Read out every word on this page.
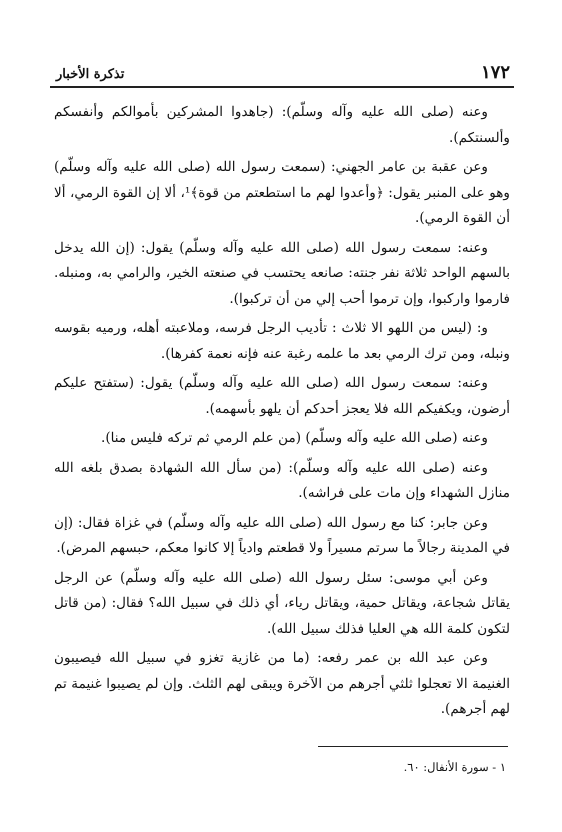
١٧٢
تذكرة الأخبار

وعنه (صلى الله عليه وآله وسلّم): (جاهدوا المشركين بأموالكم وأنفسكم وألسنتكم).

وعن عقبة بن عامر الجهني: (سمعت رسول الله (صلى الله عليه وآله وسلّم) وهو على المنبر يقول: ﴿وأعدوا لهم ما استطعتم من قوة﴾¹، ألا إن القوة الرمي، ألا أن القوة الرمي).

وعنه: سمعت رسول الله (صلى الله عليه وآله وسلّم) يقول: (إن الله يدخل بالسهم الواحد ثلاثة نفر جنته: صانعه يحتسب في صنعته الخير، والرامي به، ومنبله. فارموا واركبوا، وإن ترموا أحب إلي من أن تركبوا).

و: (ليس من اللهو الا ثلاث : تأديب الرجل فرسه، وملاعبته أهله، ورميه بقوسه ونبله، ومن ترك الرمي بعد ما علمه رغبة عنه فإنه نعمة كفرها).

وعنه: سمعت رسول الله (صلى الله عليه وآله وسلّم) يقول: (ستفتح عليكم أرضون، ويكفيكم الله فلا يعجز أحدكم أن يلهو بأسهمه).

وعنه (صلى الله عليه وآله وسلّم) (من علم الرمي ثم تركه فليس منا).

وعنه (صلى الله عليه وآله وسلّم): (من سأل الله الشهادة بصدق بلغه الله منازل الشهداء وإن مات على فراشه).

وعن جابر: كنا مع رسول الله (صلى الله عليه وآله وسلّم) في غزاة فقال: (إن في المدينة رجالاً ما سرتم مسيراً ولا قطعتم وادياً إلا كانوا معكم، حبسهم المرض).

وعن أبي موسى: سئل رسول الله (صلى الله عليه وآله وسلّم) عن الرجل يقاتل شجاعة، ويقاتل حمية، ويقاتل رياء، أي ذلك في سبيل الله؟ فقال: (من قاتل لتكون كلمة الله هي العليا فذلك سبيل الله).

وعن عبد الله بن عمر رفعه: (ما من غازية تغزو في سبيل الله فيصيبون الغنيمة الا تعجلوا ثلثي أجرهم من الآخرة ويبقى لهم الثلث. وإن لم يصيبوا غنيمة تم لهم أجرهم).

١ - سورة الأنفال: ٦٠.
